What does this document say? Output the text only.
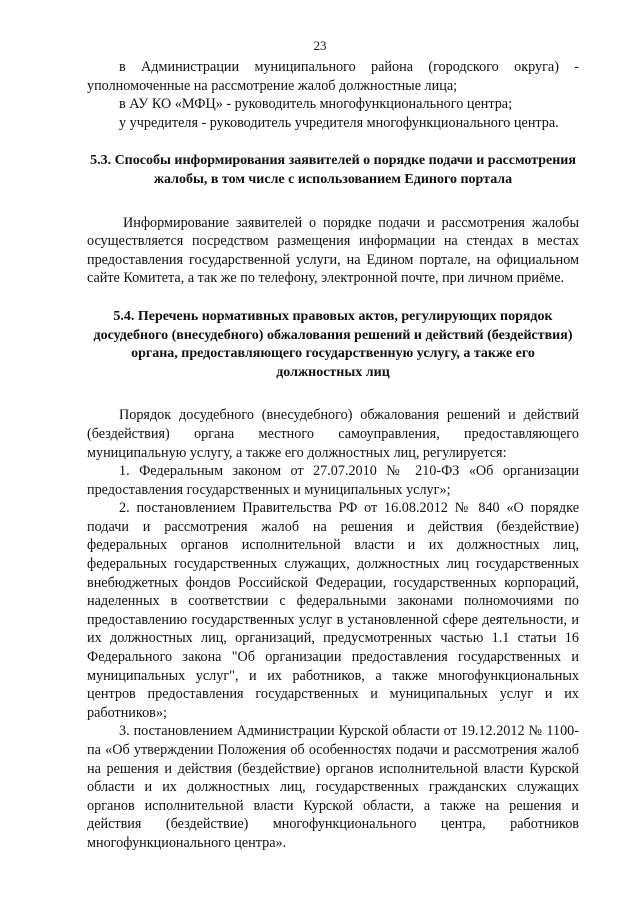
23

в Администрации муниципального района (городского округа) - уполномоченные на рассмотрение жалоб должностные лица;

в АУ КО «МФЦ» - руководитель многофункционального центра;

у учредителя - руководитель учредителя многофункционального центра.

5.3. Способы информирования заявителей о порядке подачи и рассмотрения жалобы, в том числе с использованием Единого портала

Информирование заявителей о порядке подачи и рассмотрения жалобы осуществляется посредством размещения информации на стендах в местах предоставления государственной услуги, на Едином портале, на официальном сайте Комитета, а так же по телефону, электронной почте, при личном приёме.

5.4. Перечень нормативных правовых актов, регулирующих порядок досудебного (внесудебного) обжалования решений и действий (бездействия) органа, предоставляющего государственную услугу, а также его должностных лиц

Порядок досудебного (внесудебного) обжалования решений и действий (бездействия) органа местного самоуправления, предоставляющего муниципальную услугу, а также его должностных лиц, регулируется:

1. Федеральным законом от 27.07.2010 № 210-ФЗ «Об организации предоставления государственных и муниципальных услуг»;

2. постановлением Правительства РФ от 16.08.2012 № 840 «О порядке подачи и рассмотрения жалоб на решения и действия (бездействие) федеральных органов исполнительной власти и их должностных лиц, федеральных государственных служащих, должностных лиц государственных внебюджетных фондов Российской Федерации, государственных корпораций, наделенных в соответствии с федеральными законами полномочиями по предоставлению государственных услуг в установленной сфере деятельности, и их должностных лиц, организаций, предусмотренных частью 1.1 статьи 16 Федерального закона "Об организации предоставления государственных и муниципальных услуг", и их работников, а также многофункциональных центров предоставления государственных и муниципальных услуг и их работников»;

3. постановлением Администрации Курской области от 19.12.2012 № 1100-па «Об утверждении Положения об особенностях подачи и рассмотрения жалоб на решения и действия (бездействие) органов исполнительной власти Курской области и их должностных лиц, государственных гражданских служащих органов исполнительной власти Курской области, а также на решения и действия (бездействие) многофункционального центра, работников многофункционального центра».
